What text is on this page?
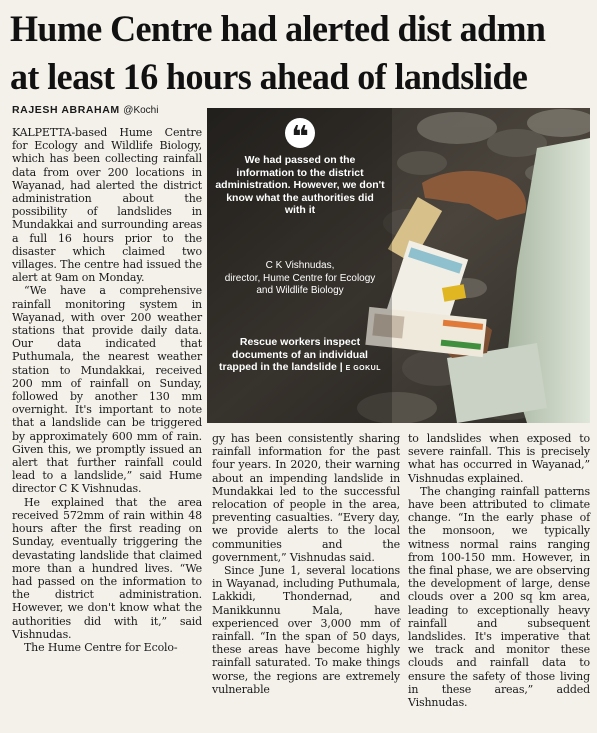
Hume Centre had alerted dist admn at least 16 hours ahead of landslide
RAJESH ABRAHAM @Kochi

KALPETTA-based Hume Centre for Ecology and Wildlife Biology, which has been collecting rainfall data from over 200 locations in Wayanad, had alerted the district administration about the possibility of landslides in Mundakkai and surrounding areas a full 16 hours prior to the disaster which claimed two villages. The centre had issued the alert at 9am on Monday.

“We have a comprehensive rainfall monitoring system in Wayanad, with over 200 weather stations that provide daily data. Our data indicated that Puthumala, the nearest weather station to Mundakkai, received 200 mm of rainfall on Sunday, followed by another 130 mm overnight. It's important to note that a landslide can be triggered by approximately 600 mm of rain. Given this, we promptly issued an alert that further rainfall could lead to a landslide,” said Hume director C K Vishnudas.

He explained that the area received 572mm of rain within 48 hours after the first reading on Sunday, eventually triggering the devastating landslide that claimed more than a hundred lives. “We had passed on the information to the district administration. However, we don't know what the authorities did with it,” said Vishnudas.

The Hume Centre for Ecolo-

❝
We had passed on the information to the district administration. However, we don't know what the authorities did with it
C K Vishnudas,
director, Hume Centre for Ecology and Wildlife Biology
Rescue workers inspect documents of an individual trapped in the landslide | E GOKUL

gy has been consistently sharing rainfall information for the past four years. In 2020, their warning about an impending landslide in Mundakkai led to the successful relocation of people in the area, preventing casualties. “Every day, we provide alerts to the local communities and the government,” Vishnudas said.

Since June 1, several locations in Wayanad, including Puthumala, Lakkidi, Thondernad, and Manikkunnu Mala, have experienced over 3,000 mm of rainfall. “In the span of 50 days, these areas have become highly rainfall saturated. To make things worse, the regions are extremely vulnerable

to landslides when exposed to severe rainfall. This is precisely what has occurred in Wayanad,” Vishnudas explained.

The changing rainfall patterns have been attributed to climate change. “In the early phase of the monsoon, we typically witness normal rains ranging from 100-150 mm. However, in the final phase, we are observing the development of large, dense clouds over a 200 sq km area, leading to exceptionally heavy rainfall and subsequent landslides. It's imperative that we track and monitor these clouds and rainfall data to ensure the safety of those living in these areas,” added Vishnudas.
